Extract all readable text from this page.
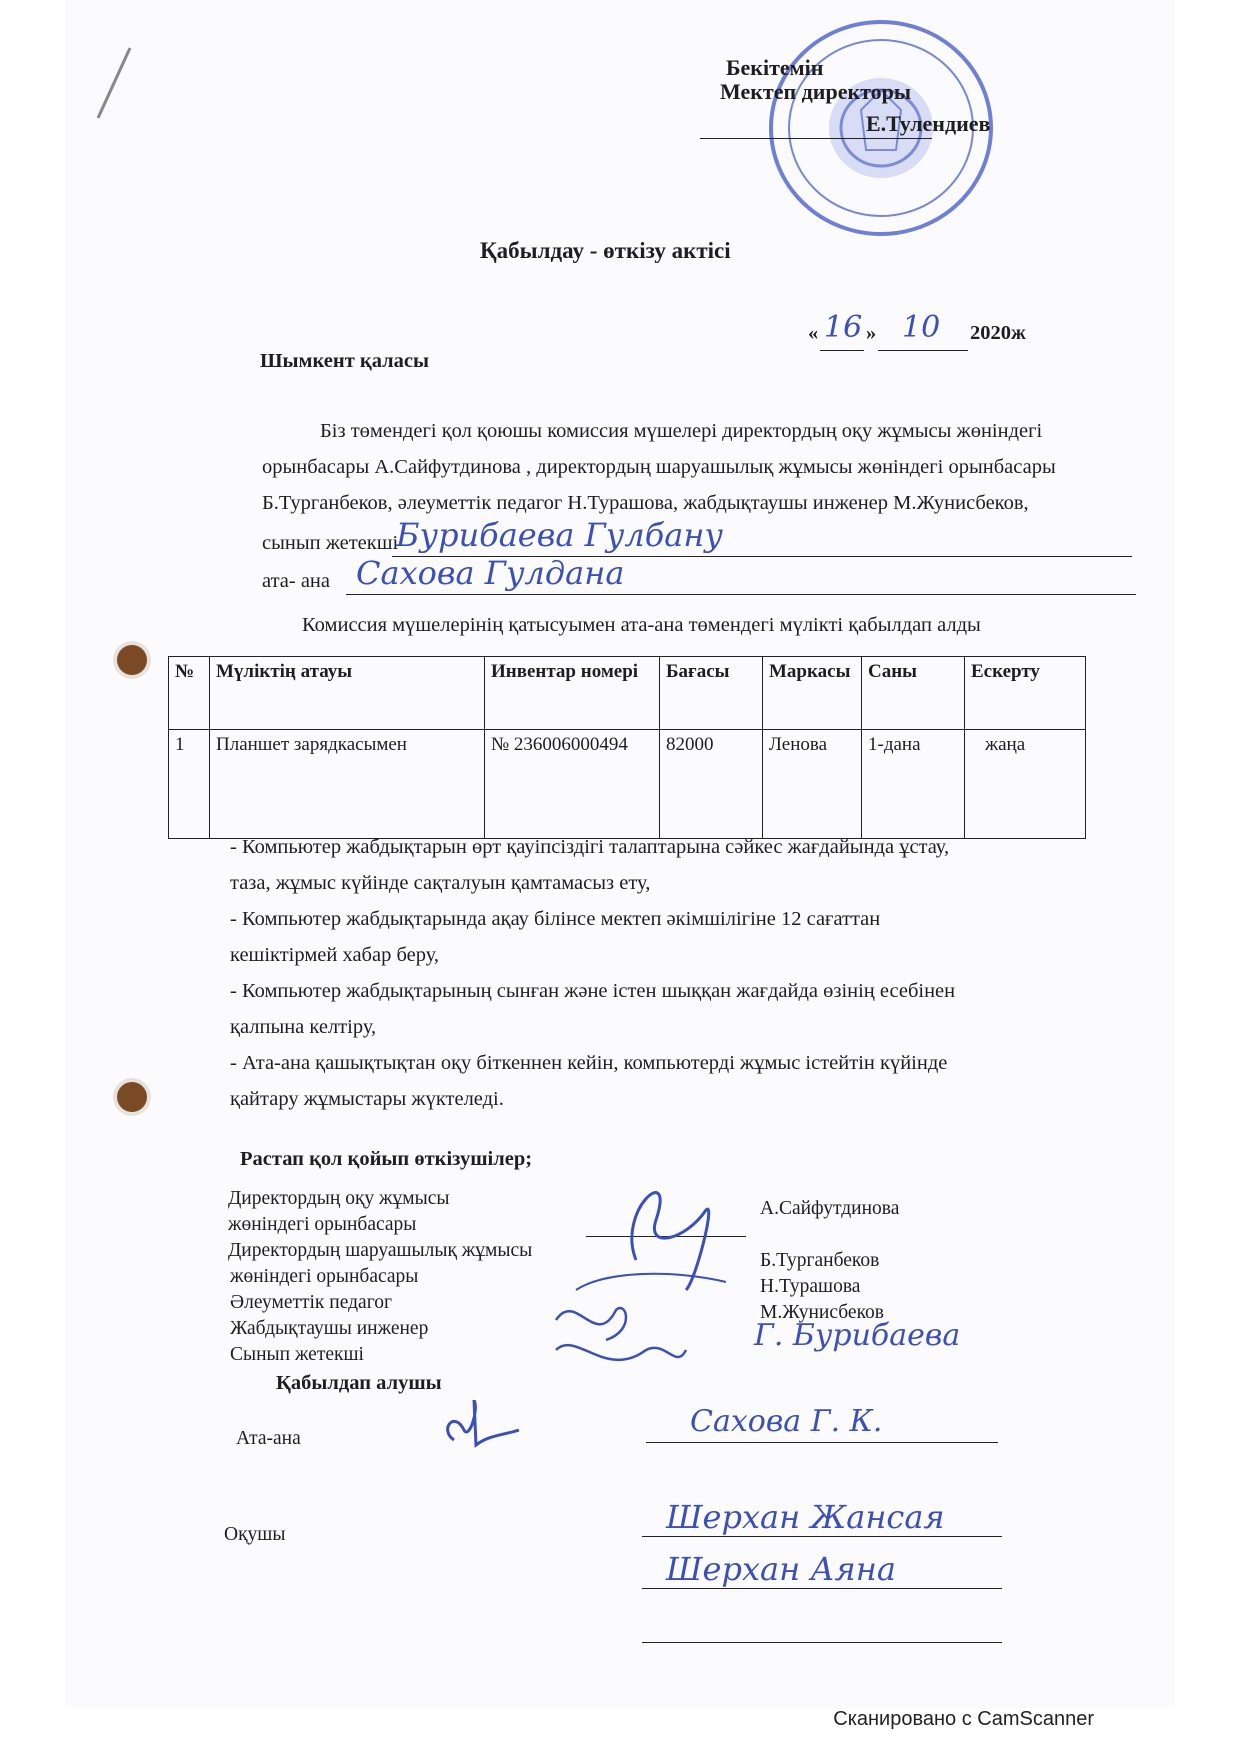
Бекітемін
Мектеп директоры
Е.Тулендиев
Қабылдау - өткізу актісі
Шымкент қаласы
« 16 » 10 2020ж
Біз төмендегі қол қоюшы комиссия мүшелері директордың оқу жұмысы жөніндегі
орынбасары А.Сайфутдинова , директордың шаруашылық жұмысы жөніндегі орынбасары
Б.Турганбеков, әлеуметтік педагог Н.Турашова, жабдықтаушы инженер М.Жунисбеков,
сынып жетекші
Бурибаева Гулбану
ата- ана Сахова Гулдана
Комиссия мүшелерінің қатысуымен ата-ана төмендегі мүлікті қабылдап алды
№	Мүліктің атауы	Инвентар номері	Бағасы	Маркасы	Саны	Ескерту
1	Планшет зарядкасымен	№ 236006000494	82000	Ленова	1-дана	жаңа
- Компьютер жабдықтарын өрт қауіпсіздігі талаптарына сәйкес жағдайында ұстау,
таза, жұмыс күйінде сақталуын қамтамасыз ету,
- Компьютер жабдықтарында ақау білінсе мектеп әкімшілігіне 12 сағаттан
кешіктірмей хабар беру,
- Компьютер жабдықтарының сынған және істен шыққан жағдайда өзінің есебінен
қалпына келтіру,
- Ата-ана қашықтықтан оқу біткеннен кейін, компьютерді жұмыс істейтін күйінде
қайтару жұмыстары жүктеледі.
Растап қол қойып өткізушілер;
Директордың оқу жұмысы
жөніндегі орынбасары
Директордың шаруашылық жұмысы
жөніндегі орынбасары
Әлеуметтік педагог
Жабдықтаушы инженер
Сынып жетекші
А.Сайфутдинова
Б.Турганбеков
Н.Турашова
М.Жунисбеков
Г. Бурибаева
Қабылдап алушы
Ата-ана	Сахова Г. К.
Оқушы	Шерхан Жансая
Шерхан Аяна
Сканировано с CamScanner
